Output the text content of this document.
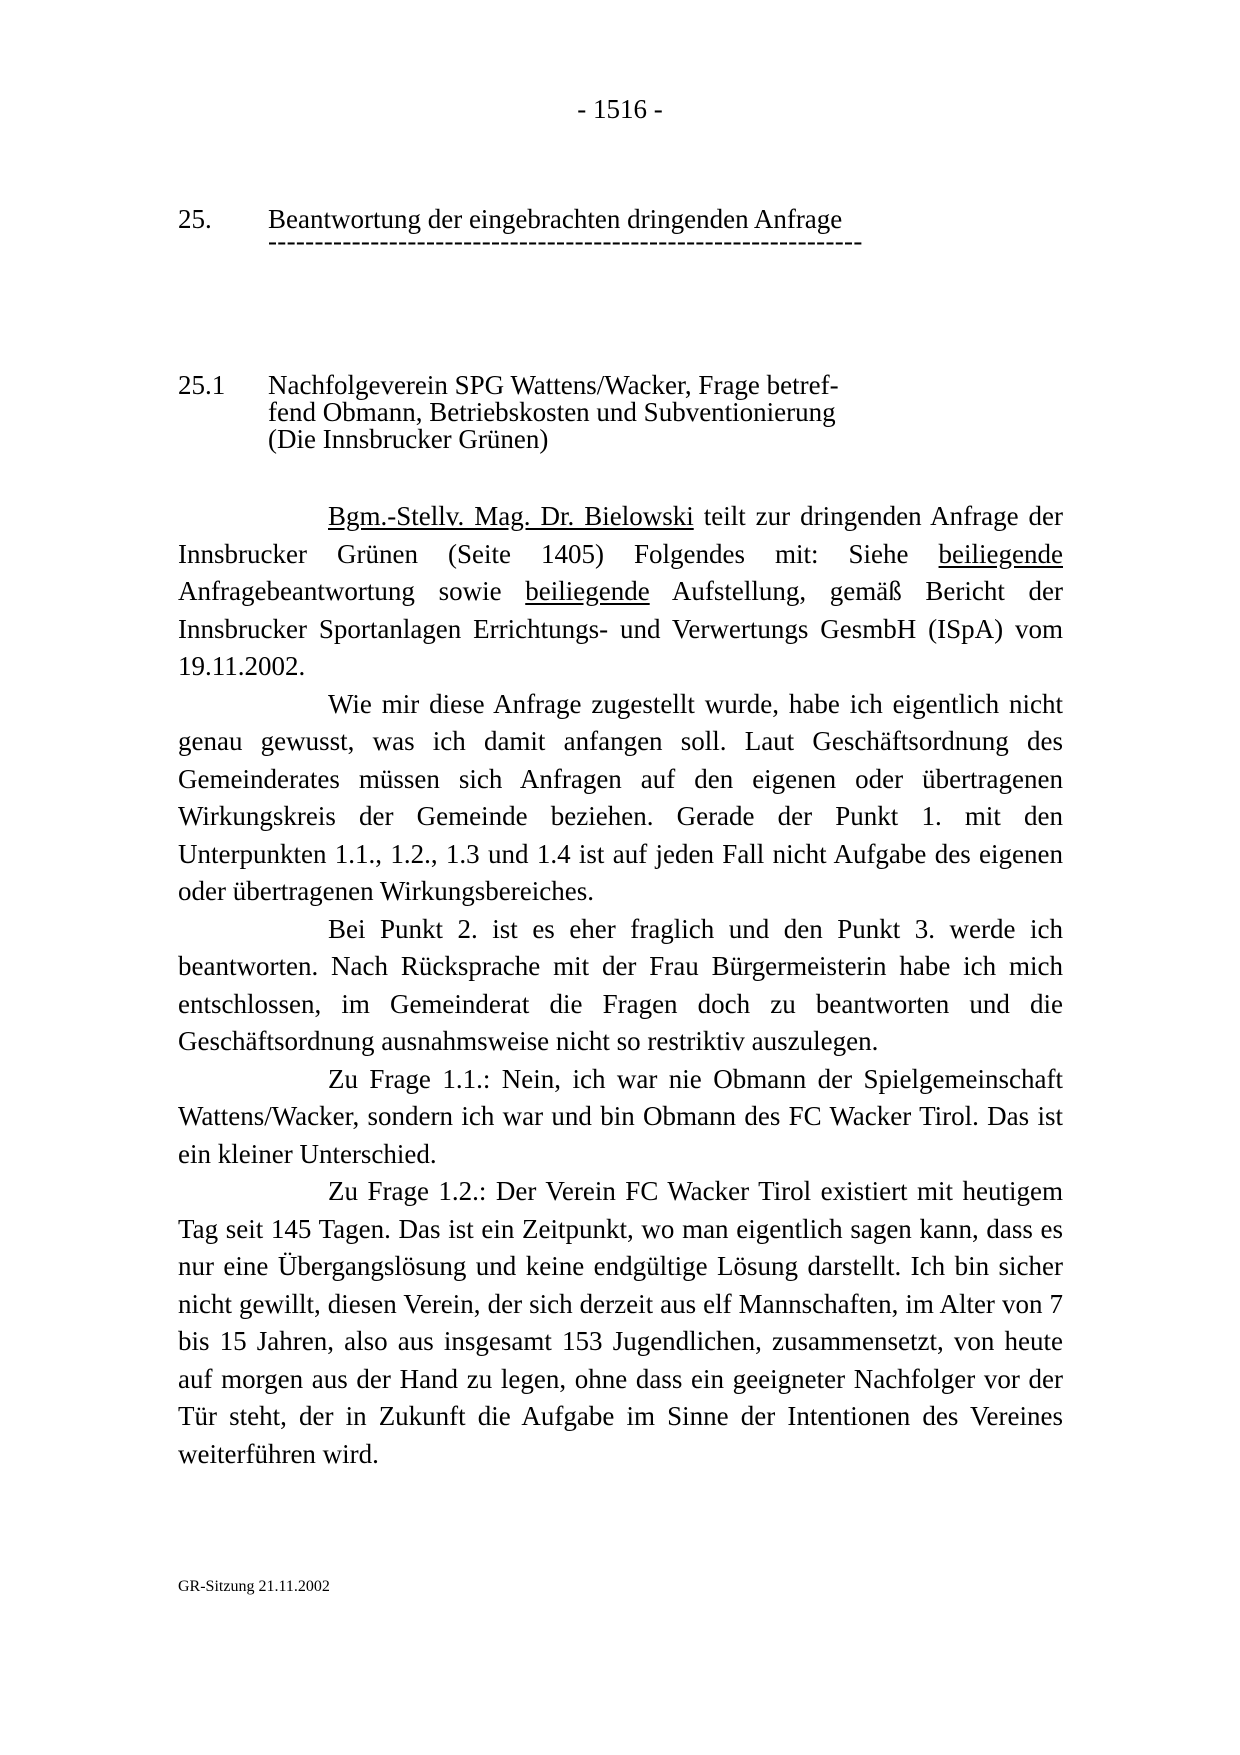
- 1516 -
25. Beantwortung der eingebrachten dringenden Anfrage
----------------------------------------------------------------
25.1 Nachfolgeverein SPG Wattens/Wacker, Frage betref-
fend Obmann, Betriebskosten und Subventionierung
(Die Innsbrucker Grünen)

Bgm.-Stellv. Mag. Dr. Bielowski teilt zur dringenden Anfrage der Innsbrucker Grünen (Seite 1405) Folgendes mit: Siehe beiliegende Anfragebeantwortung sowie beiliegende Aufstellung, gemäß Bericht der Innsbrucker Sportanlagen Errichtungs- und Verwertungs GesmbH (ISpA) vom 19.11.2002.

Wie mir diese Anfrage zugestellt wurde, habe ich eigentlich nicht genau gewusst, was ich damit anfangen soll. Laut Geschäftsordnung des Gemeinderates müssen sich Anfragen auf den eigenen oder übertragenen Wirkungskreis der Gemeinde beziehen. Gerade der Punkt 1. mit den Unterpunkten 1.1., 1.2., 1.3 und 1.4 ist auf jeden Fall nicht Aufgabe des eigenen oder übertragenen Wirkungsbereiches.

Bei Punkt 2. ist es eher fraglich und den Punkt 3. werde ich beantworten. Nach Rücksprache mit der Frau Bürgermeisterin habe ich mich entschlossen, im Gemeinderat die Fragen doch zu beantworten und die Geschäftsordnung ausnahmsweise nicht so restriktiv auszulegen.

Zu Frage 1.1.: Nein, ich war nie Obmann der Spielgemeinschaft Wattens/Wacker, sondern ich war und bin Obmann des FC Wacker Tirol. Das ist ein kleiner Unterschied.

Zu Frage 1.2.: Der Verein FC Wacker Tirol existiert mit heutigem Tag seit 145 Tagen. Das ist ein Zeitpunkt, wo man eigentlich sagen kann, dass es nur eine Übergangslösung und keine endgültige Lösung darstellt. Ich bin sicher nicht gewillt, diesen Verein, der sich derzeit aus elf Mannschaften, im Alter von 7 bis 15 Jahren, also aus insgesamt 153 Jugendlichen, zusammensetzt, von heute auf morgen aus der Hand zu legen, ohne dass ein geeigneter Nachfolger vor der Tür steht, der in Zukunft die Aufgabe im Sinne der Intentionen des Vereines weiterführen wird.

GR-Sitzung 21.11.2002
